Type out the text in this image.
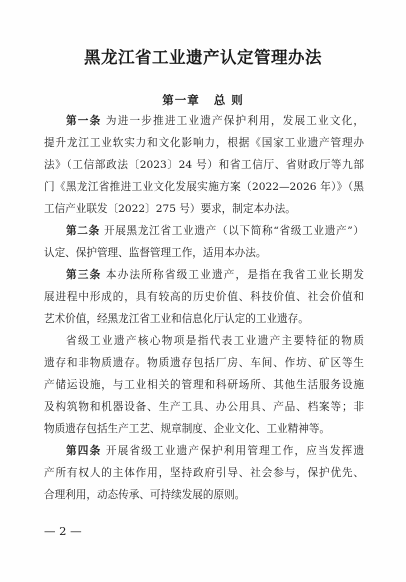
黑龙江省工业遗产认定管理办法
第一章 总 则
第一条 为进一步推进工业遗产保护利用，发展工业文化，
提升龙江工业软实力和文化影响力，根据《国家工业遗产管理办
法》（工信部政法〔2023〕24 号）和省工信厅、省财政厅等九部
门《黑龙江省推进工业文化发展实施方案（2022—2026 年）》（黑
工信产业联发〔2022〕275 号）要求，制定本办法。
第二条 开展黑龙江省工业遗产（以下简称“省级工业遗产”）
认定、保护管理、监督管理工作，适用本办法。
第三条 本办法所称省级工业遗产，是指在我省工业长期发
展进程中形成的，具有较高的历史价值、科技价值、社会价值和
艺术价值，经黑龙江省工业和信息化厅认定的工业遗存。
省级工业遗产核心物项是指代表工业遗产主要特征的物质
遗存和非物质遗存。物质遗存包括厂房、车间、作坊、矿区等生
产储运设施，与工业相关的管理和科研场所、其他生活服务设施
及构筑物和机器设备、生产工具、办公用具、产品、档案等；非
物质遗存包括生产工艺、规章制度、企业文化、工业精神等。
第四条 开展省级工业遗产保护利用管理工作，应当发挥遗
产所有权人的主体作用，坚持政府引导、社会参与，保护优先、
合理利用，动态传承、可持续发展的原则。
— 2 —
